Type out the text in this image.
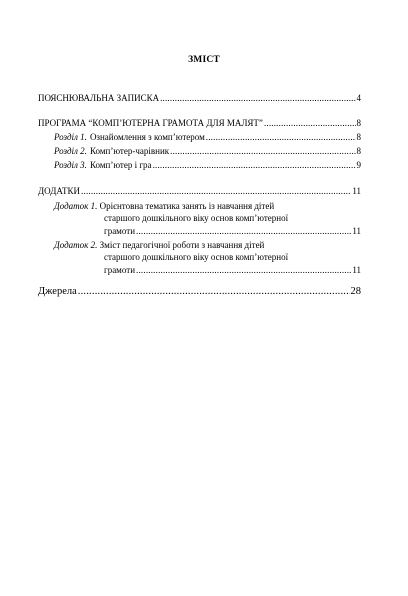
ЗМІСТ
ПОЯСНЮВАЛЬНА ЗАПИСКА .....	4
ПРОГРАМА “КОМП’ЮТЕРНА ГРАМОТА ДЛЯ МАЛЯТ” .....	8
Розділ 1. Ознайомлення з комп’ютером .....	8
Розділ 2. Комп’ютер-чарівник .....	8
Розділ 3. Комп’ютер і гра .....	9
ДОДАТКИ .....	11
Додаток 1. Орієнтовна тематика занять із навчання дітей
старшого дошкільного віку основ комп’ютерної
грамоти .....	11
Додаток 2. Зміст педагогічної роботи з навчання дітей
старшого дошкільного віку основ комп’ютерної
грамоти .....	11
Джерела .....	28
